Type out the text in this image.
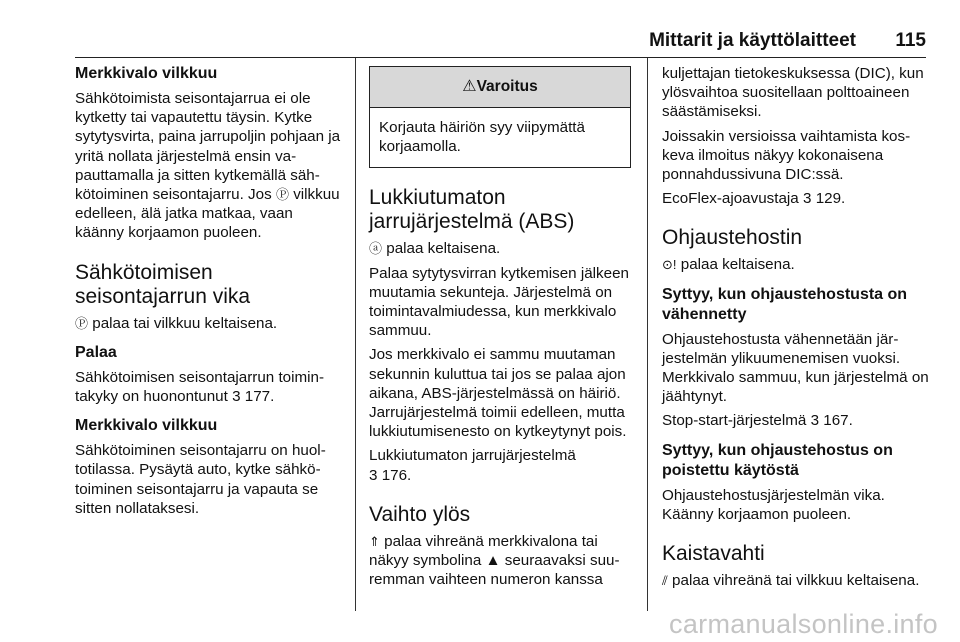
Mittarit ja käyttölaitteet 115

Merkkivalo vilkkuu

Sähkötoimista seisontajarrua ei ole kytketty tai vapautettu täysin. Kytke sytytysvirta, paina jarrupoljin pohjaan ja yritä nollata järjestelmä ensin vapauttamalla ja sitten kytkemällä sähkötoiminen seisontajarru. Jos Ⓟ vilkkuu edelleen, älä jatka matkaa, vaan käänny korjaamon puoleen.

Sähkötoimisen seisontajarrun vika

Ⓟ palaa tai vilkkuu keltaisena.

Palaa

Sähkötoimisen seisontajarrun toimintakyky on huonontunut 3 177.

Merkkivalo vilkkuu

Sähkötoiminen seisontajarru on huoltotilassa. Pysäytä auto, kytke sähkötoiminen seisontajarru ja vapauta se sitten nollataksesi.

⚠Varoitus
Korjauta häiriön syy viipymättä korjaamolla.

Lukkiutumaton jarrujärjestelmä (ABS)

ⓐ palaa keltaisena.

Palaa sytytysvirran kytkemisen jälkeen muutamia sekunteja. Järjestelmä on toimintavalmiudessa, kun merkkivalo sammuu.

Jos merkkivalo ei sammu muutaman sekunnin kuluttua tai jos se palaa ajon aikana, ABS-järjestelmässä on häiriö. Jarrujärjestelmä toimii edelleen, mutta lukkiutumisenesto on kytkeytynyt pois.

Lukkiutumaton jarrujärjestelmä
3 176.

Vaihto ylös

⇑ palaa vihreänä merkkivalona tai näkyy symbolina ▲ seuraavaksi suuremman vaihteen numeron kanssa

kuljettajan tietokeskuksessa (DIC), kun ylösvaihtoa suositellaan polttoaineen säästämiseksi.

Joissakin versioissa vaihtamista koskeva ilmoitus näkyy kokonaisena ponnahdussivuna DIC:ssä.

EcoFlex-ajoavustaja 3 129.

Ohjaustehostin

⊙! palaa keltaisena.

Syttyy, kun ohjaustehostusta on vähennetty

Ohjaustehostusta vähennetään järjestelmän ylikuumenemisen vuoksi. Merkkivalo sammuu, kun järjestelmä on jäähtynyt.

Stop-start-järjestelmä 3 167.

Syttyy, kun ohjaustehostus on poistettu käytöstä

Ohjaustehostusjärjestelmän vika. Käänny korjaamon puoleen.

Kaistavahti

⫽ palaa vihreänä tai vilkkuu keltaisena.

carmanualsonline.info
